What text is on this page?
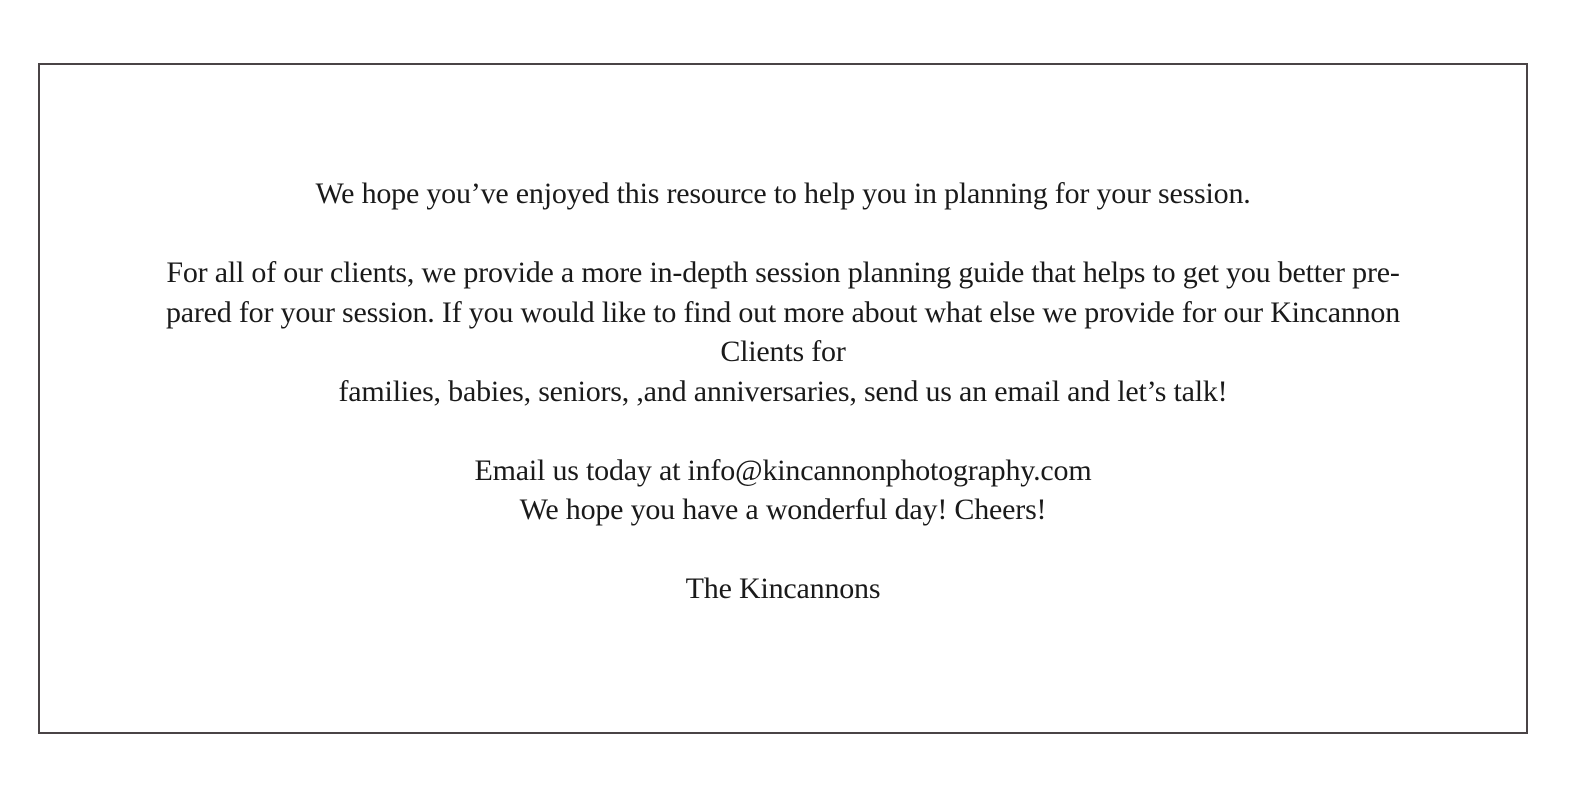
We hope you’ve enjoyed this resource to help you in planning for your session.
For all of our clients, we provide a more in-depth session planning guide that helps to get you better pre-
pared for your session. If you would like to find out more about what else we provide for our Kincannon
Clients for
families, babies, seniors, ,and anniversaries, send us an email and let’s talk!
Email us today at info@kincannonphotography.com
We hope you have a wonderful day! Cheers!
The Kincannons
